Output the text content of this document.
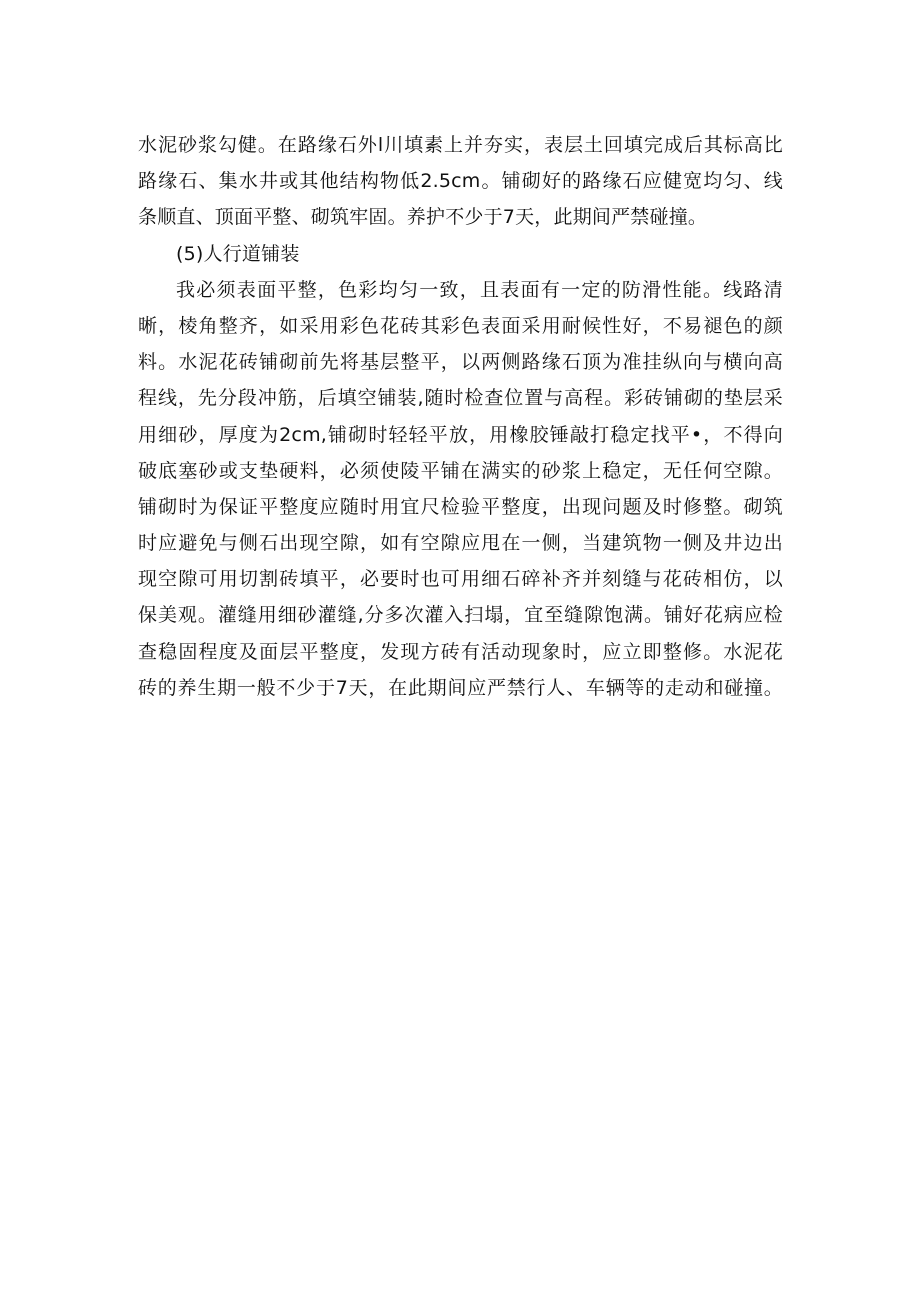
水泥砂浆勾健。在路缘石外l川填素上并夯实，表层土回填完成后其标高比
路缘石、集水井或其他结构物低2.5cm。铺砌好的路缘石应健宽均匀、线
条顺直、顶面平整、砌筑牢固。养护不少于7天，此期间严禁碰撞。
(5)人行道铺装
我必须表面平整，色彩均匀一致，且表面有一定的防滑性能。线路清
晰，棱角整齐，如采用彩色花砖其彩色表面采用耐候性好，不易褪色的颜
料。水泥花砖铺砌前先将基层整平，以两侧路缘石顶为准挂纵向与横向高
程线，先分段冲筋，后填空铺装,随时检查位置与高程。彩砖铺砌的垫层采
用细砂，厚度为2cm,铺砌时轻轻平放，用橡胶锤敲打稳定找平•，不得向
破底塞砂或支垫硬料，必须使陵平铺在满实的砂浆上稳定，无任何空隙。
铺砌时为保证平整度应随时用宜尺检验平整度，出现问题及时修整。砌筑
时应避免与侧石出现空隙，如有空隙应甩在一侧，当建筑物一侧及井边出
现空隙可用切割砖填平，必要时也可用细石碎补齐并刻缝与花砖相仿，以
保美观。灌缝用细砂灌缝,分多次灌入扫塌，宜至缝隙饱满。铺好花病应检
查稳固程度及面层平整度，发现方砖有活动现象时，应立即整修。水泥花
砖的养生期一般不少于7天，在此期间应严禁行人、车辆等的走动和碰撞。
